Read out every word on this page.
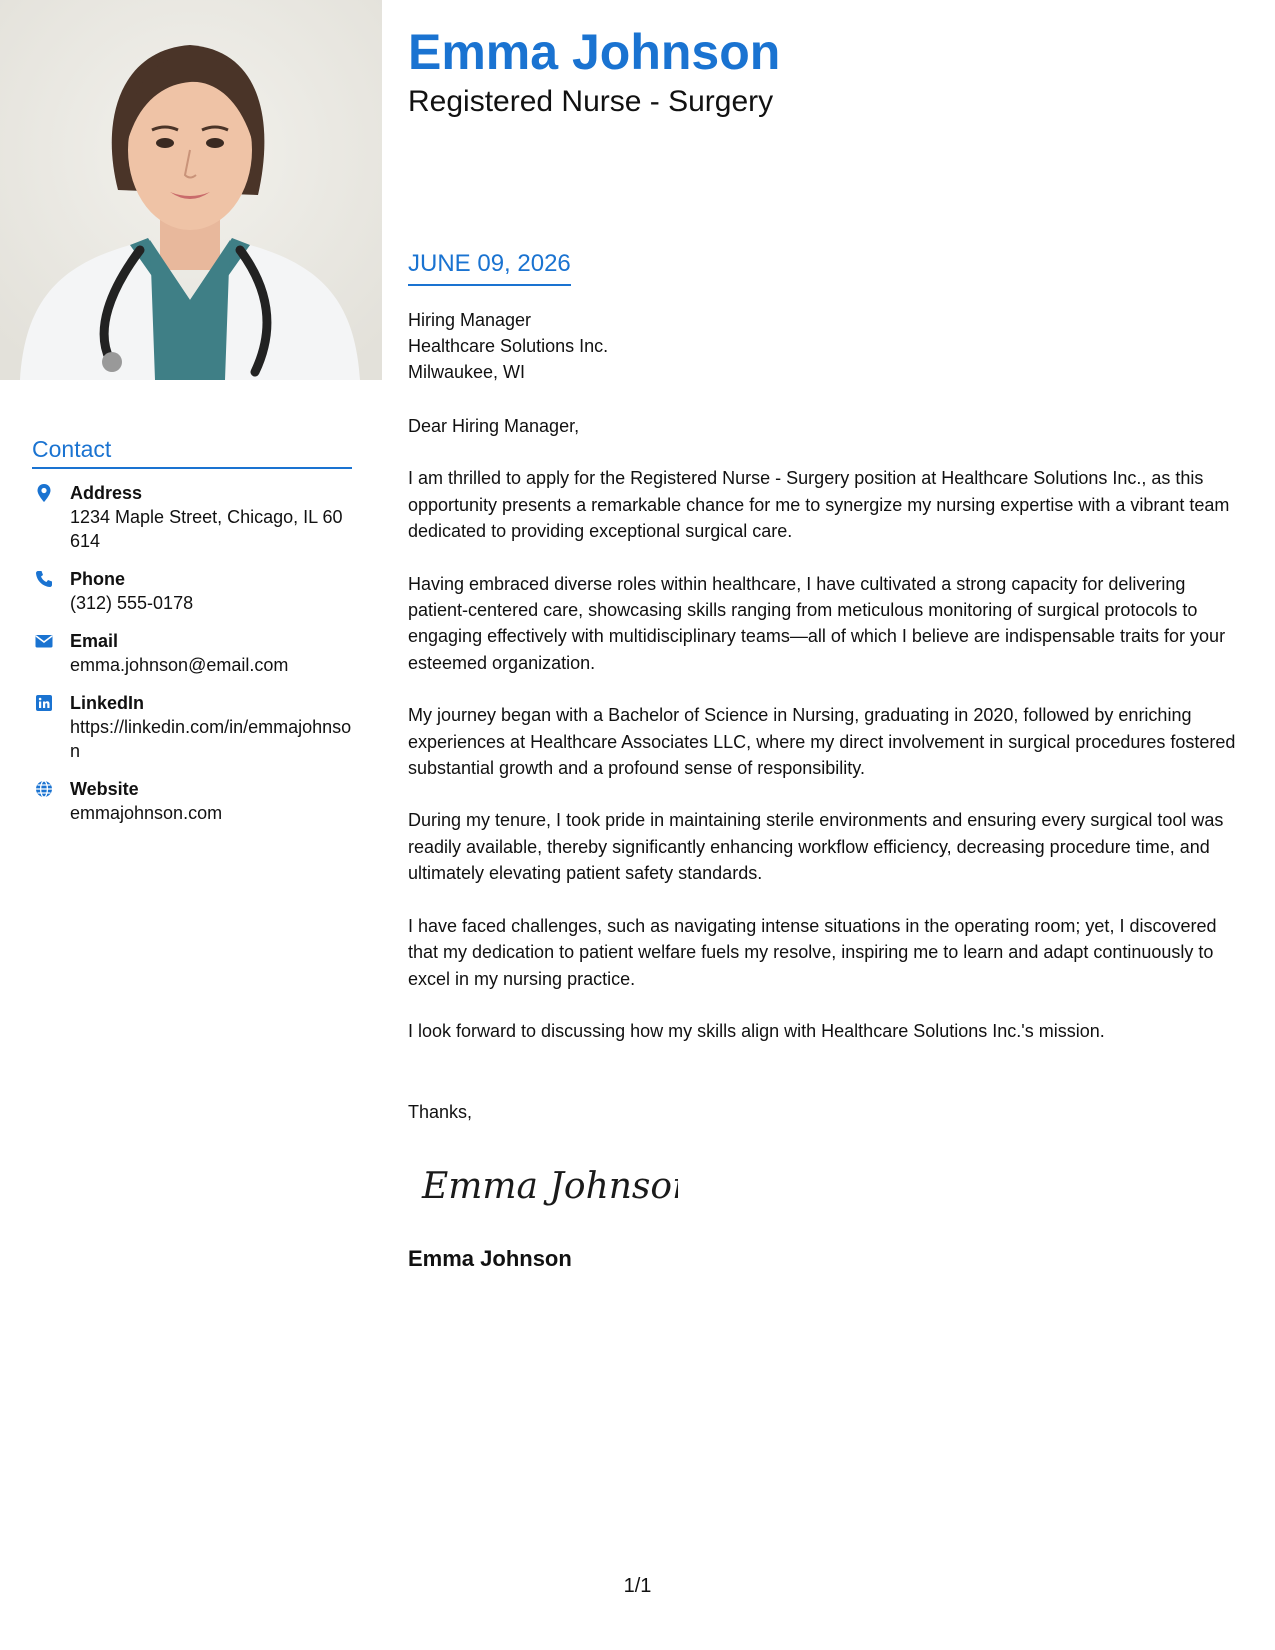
Contact
Address
1234 Maple Street, Chicago, IL 60614
Phone
(312) 555-0178
Email
emma.johnson@email.com
LinkedIn
https://linkedin.com/in/emmajohnson
Website
emmajohnson.com
Emma Johnson
Registered Nurse - Surgery
JUNE 09, 2026
Hiring Manager
Healthcare Solutions Inc.
Milwaukee, WI

Dear Hiring Manager,

I am thrilled to apply for the Registered Nurse - Surgery position at Healthcare Solutions Inc., as this opportunity presents a remarkable chance for me to synergize my nursing expertise with a vibrant team dedicated to providing exceptional surgical care.

Having embraced diverse roles within healthcare, I have cultivated a strong capacity for delivering patient-centered care, showcasing skills ranging from meticulous monitoring of surgical protocols to engaging effectively with multidisciplinary teams—all of which I believe are indispensable traits for your esteemed organization.

My journey began with a Bachelor of Science in Nursing, graduating in 2020, followed by enriching experiences at Healthcare Associates LLC, where my direct involvement in surgical procedures fostered substantial growth and a profound sense of responsibility.

During my tenure, I took pride in maintaining sterile environments and ensuring every surgical tool was readily available, thereby significantly enhancing workflow efficiency, decreasing procedure time, and ultimately elevating patient safety standards.

I have faced challenges, such as navigating intense situations in the operating room; yet, I discovered that my dedication to patient welfare fuels my resolve, inspiring me to learn and adapt continuously to excel in my nursing practice.

I look forward to discussing how my skills align with Healthcare Solutions Inc.'s mission.

Thanks,
Emma Johnson
Emma Johnson
1/1
